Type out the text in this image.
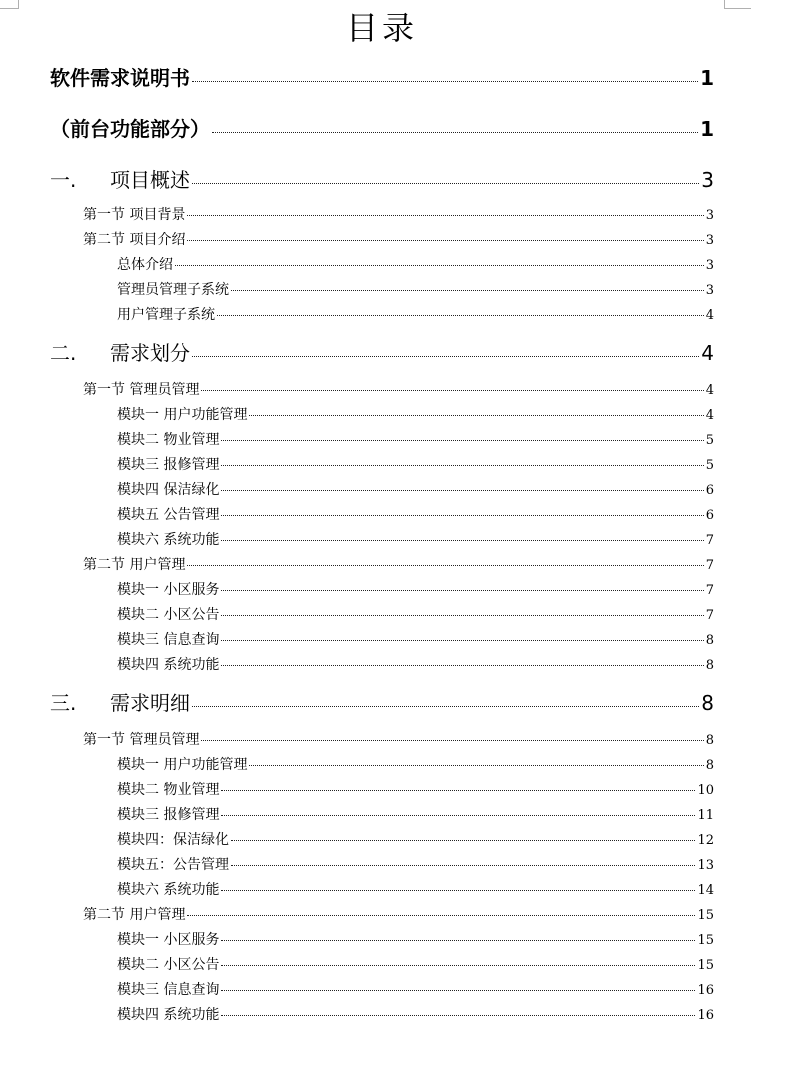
目录
软件需求说明书	1
（前台功能部分）	1
一. 项目概述	3
第一节 项目背景	3
第二节 项目介绍	3
总体介绍	3
管理员管理子系统	3
用户管理子系统	4
二. 需求划分	4
第一节 管理员管理	4
模块一 用户功能管理	4
模块二 物业管理	5
模块三 报修管理	5
模块四 保洁绿化	6
模块五 公告管理	6
模块六 系统功能	7
第二节 用户管理	7
模块一 小区服务	7
模块二 小区公告	7
模块三 信息查询	8
模块四 系统功能	8
三. 需求明细	8
第一节 管理员管理	8
模块一 用户功能管理	8
模块二 物业管理	10
模块三 报修管理	11
模块四：保洁绿化	12
模块五：公告管理	13
模块六 系统功能	14
第二节 用户管理	15
模块一 小区服务	15
模块二 小区公告	15
模块三 信息查询	16
模块四 系统功能	16
